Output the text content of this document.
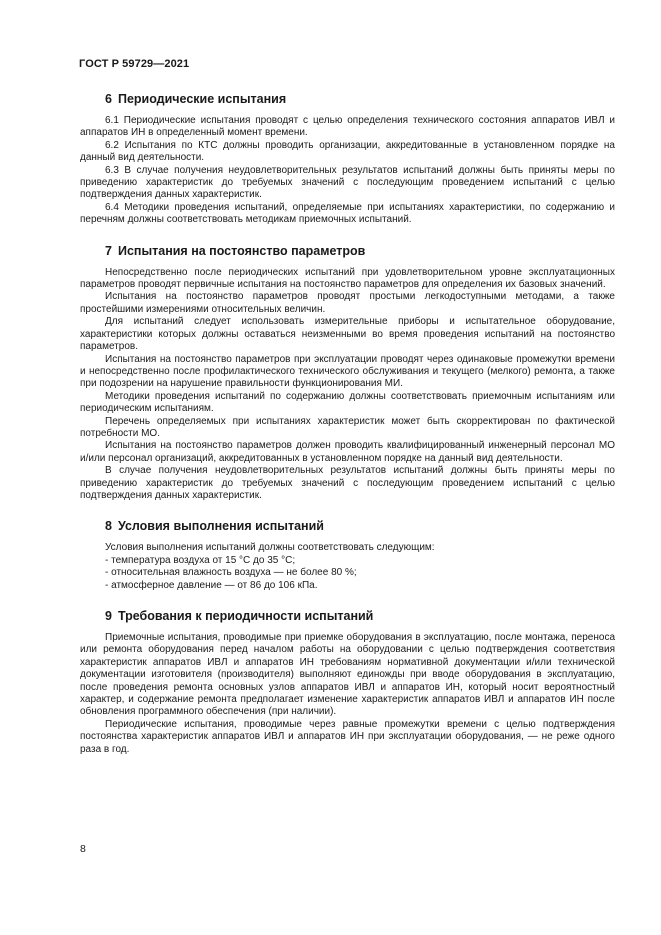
ГОСТ Р 59729—2021
6 Периодические испытания

6.1 Периодические испытания проводят с целью определения технического состояния аппаратов ИВЛ и аппаратов ИН в определенный момент времени.

6.2 Испытания по КТС должны проводить организации, аккредитованные в установленном порядке на данный вид деятельности.

6.3 В случае получения неудовлетворительных результатов испытаний должны быть приняты меры по приведению характеристик до требуемых значений с последующим проведением испытаний с целью подтверждения данных характеристик.

6.4 Методики проведения испытаний, определяемые при испытаниях характеристики, по содержанию и перечням должны соответствовать методикам приемочных испытаний.

7 Испытания на постоянство параметров

Непосредственно после периодических испытаний при удовлетворительном уровне эксплуатационных параметров проводят первичные испытания на постоянство параметров для определения их базовых значений.

Испытания на постоянство параметров проводят простыми легкодоступными методами, а также простейшими измерениями относительных величин.

Для испытаний следует использовать измерительные приборы и испытательное оборудование, характеристики которых должны оставаться неизменными во время проведения испытаний на постоянство параметров.

Испытания на постоянство параметров при эксплуатации проводят через одинаковые промежутки времени и непосредственно после профилактического технического обслуживания и текущего (мелкого) ремонта, а также при подозрении на нарушение правильности функционирования МИ.

Методики проведения испытаний по содержанию должны соответствовать приемочным испытаниям или периодическим испытаниям.

Перечень определяемых при испытаниях характеристик может быть скорректирован по фактической потребности МО.

Испытания на постоянство параметров должен проводить квалифицированный инженерный персонал МО и/или персонал организаций, аккредитованных в установленном порядке на данный вид деятельности.

В случае получения неудовлетворительных результатов испытаний должны быть приняты меры по приведению характеристик до требуемых значений с последующим проведением испытаний с целью подтверждения данных характеристик.

8 Условия выполнения испытаний

Условия выполнения испытаний должны соответствовать следующим:

- температура воздуха от 15 °С до 35 °С;
- относительная влажность воздуха — не более 80 %;
- атмосферное давление — от 86 до 106 кПа.
9 Требования к периодичности испытаний

Приемочные испытания, проводимые при приемке оборудования в эксплуатацию, после монтажа, переноса или ремонта оборудования перед началом работы на оборудовании с целью подтверждения соответствия характеристик аппаратов ИВЛ и аппаратов ИН требованиям нормативной документации и/или технической документации изготовителя (производителя) выполняют единожды при вводе оборудования в эксплуатацию, после проведения ремонта основных узлов аппаратов ИВЛ и аппаратов ИН, который носит вероятностный характер, и содержание ремонта предполагает изменение характеристик аппаратов ИВЛ и аппаратов ИН после обновления программного обеспечения (при наличии).

Периодические испытания, проводимые через равные промежутки времени с целью подтверждения постоянства характеристик аппаратов ИВЛ и аппаратов ИН при эксплуатации оборудования, — не реже одного раза в год.

8
